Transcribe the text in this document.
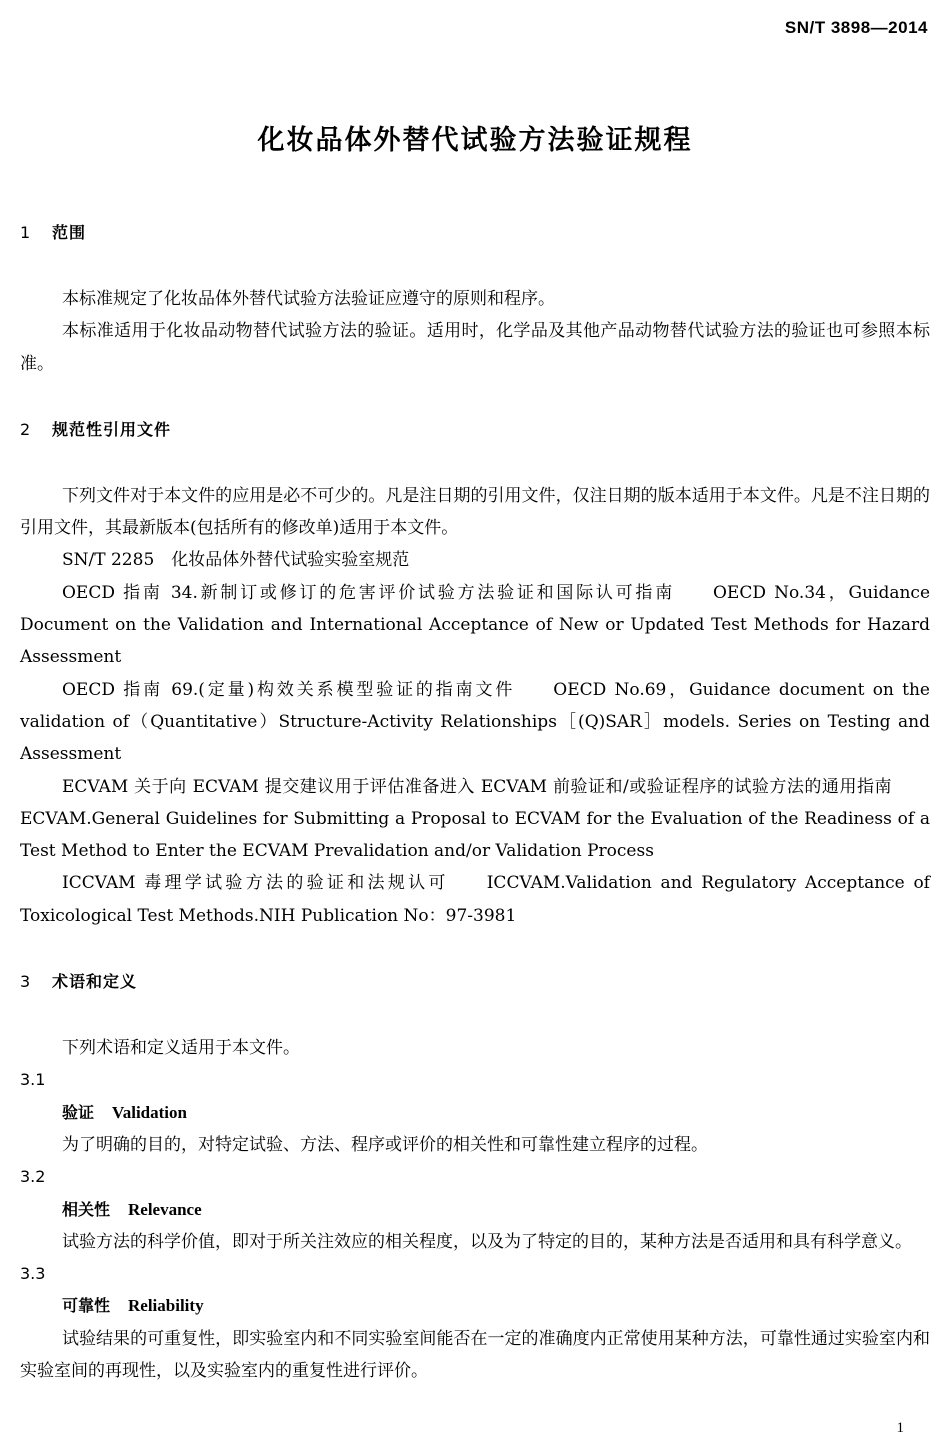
SN/T 3898—2014
化妆品体外替代试验方法验证规程

1 范围

本标准规定了化妆品体外替代试验方法验证应遵守的原则和程序。

本标准适用于化妆品动物替代试验方法的验证。适用时，化学品及其他产品动物替代试验方法的验证也可参照本标准。

2 规范性引用文件

下列文件对于本文件的应用是必不可少的。凡是注日期的引用文件，仅注日期的版本适用于本文件。凡是不注日期的引用文件，其最新版本(包括所有的修改单)适用于本文件。

SN/T 2285　化妆品体外替代试验实验室规范

OECD 指南 34.新制订或修订的危害评价试验方法验证和国际认可指南 OECD No.34，Guidance Document on the Validation and International Acceptance of New or Updated Test Methods for Hazard Assessment

OECD 指南 69.(定量)构效关系模型验证的指南文件 OECD No.69，Guidance document on the validation of（Quantitative）Structure-Activity Relationships［(Q)SAR］models. Series on Testing and Assessment

ECVAM 关于向 ECVAM 提交建议用于评估准备进入 ECVAM 前验证和/或验证程序的试验方法的通用指南ECVAM.General Guidelines for Submitting a Proposal to ECVAM for the Evaluation of the Readiness of a Test Method to Enter the ECVAM Prevalidation and/or Validation Process

ICCVAM 毒理学试验方法的验证和法规认可 ICCVAM.Validation and Regulatory Acceptance of Toxicological Test Methods.NIH Publication No：97-3981

3 术语和定义

下列术语和定义适用于本文件。

3.1

验证 Validation

为了明确的目的，对特定试验、方法、程序或评价的相关性和可靠性建立程序的过程。

3.2

相关性 Relevance

试验方法的科学价值，即对于所关注效应的相关程度，以及为了特定的目的，某种方法是否适用和具有科学意义。

3.3

可靠性 Reliability

试验结果的可重复性，即实验室内和不同实验室间能否在一定的准确度内正常使用某种方法，可靠性通过实验室内和实验室间的再现性，以及实验室内的重复性进行评价。

1
